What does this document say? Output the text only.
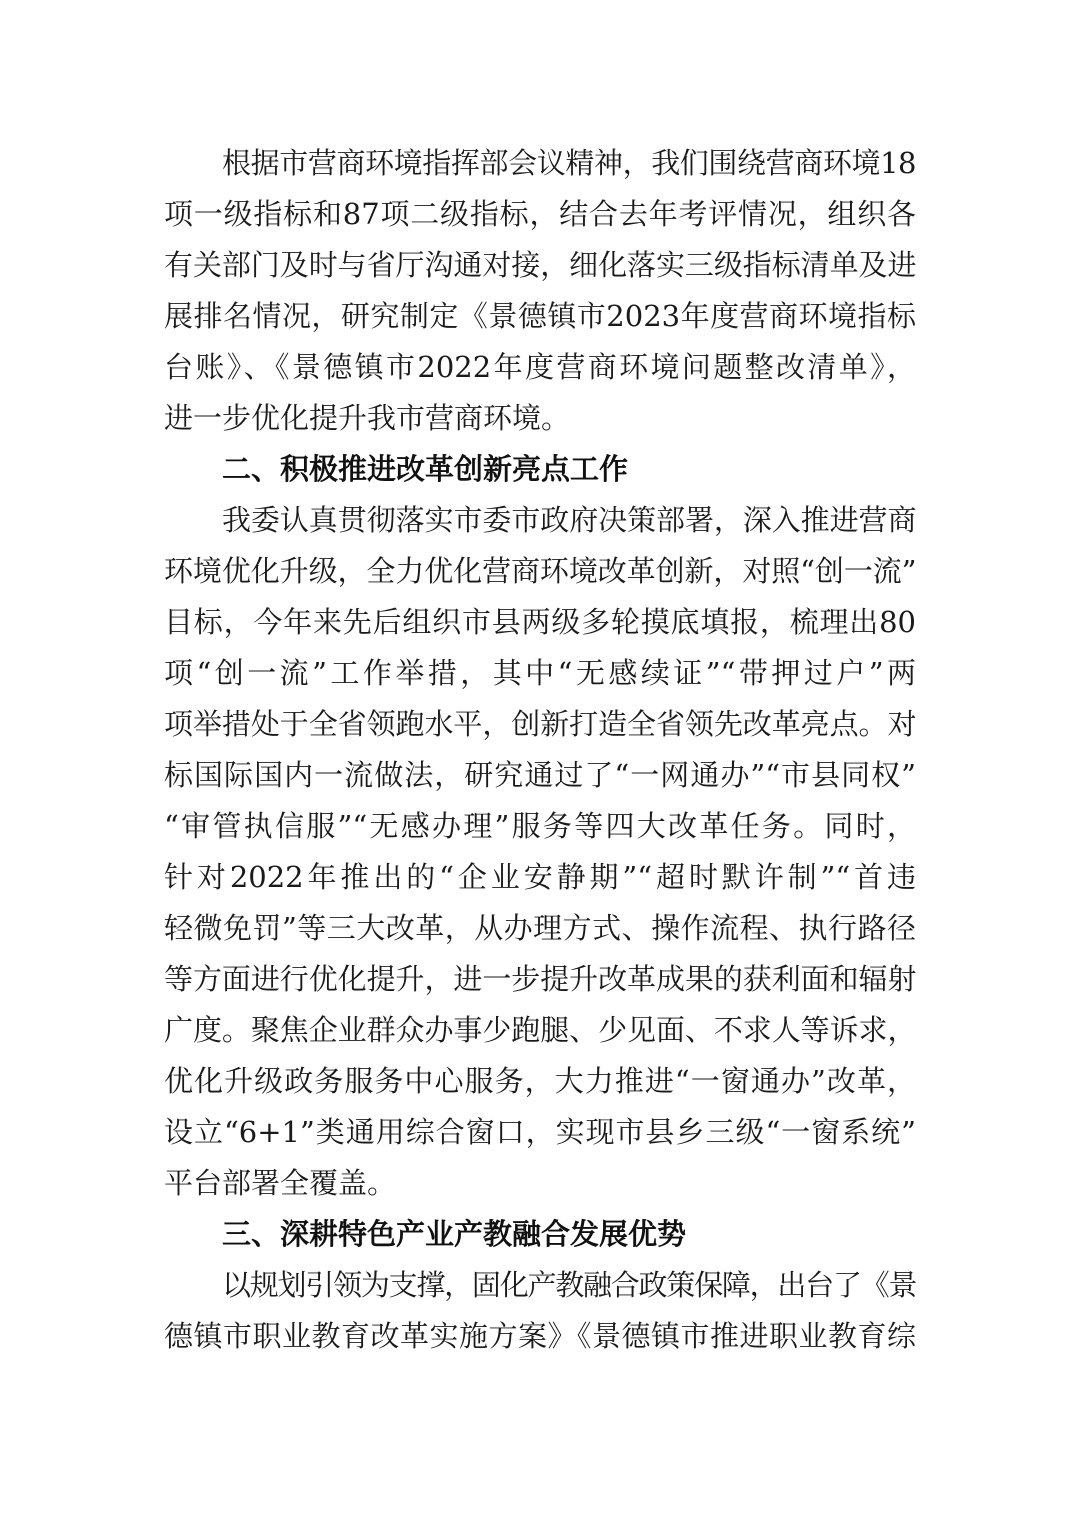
根据市营商环境指挥部会议精神，我们围绕营商环境18
项一级指标和87项二级指标，结合去年考评情况，组织各
有关部门及时与省厅沟通对接，细化落实三级指标清单及进
展排名情况，研究制定《景德镇市2023年度营商环境指标
台账》、《景德镇市2022年度营商环境问题整改清单》，
进一步优化提升我市营商环境。
二、积极推进改革创新亮点工作
我委认真贯彻落实市委市政府决策部署，深入推进营商
环境优化升级，全力优化营商环境改革创新，对照“创一流”
目标，今年来先后组织市县两级多轮摸底填报，梳理出80
项“创一流”工作举措，其中“无感续证”“带押过户”两
项举措处于全省领跑水平，创新打造全省领先改革亮点。对
标国际国内一流做法，研究通过了“一网通办”“市县同权”
“审管执信服”“无感办理”服务等四大改革任务。同时，
针对2022年推出的“企业安静期”“超时默许制”“首违
轻微免罚”等三大改革，从办理方式、操作流程、执行路径
等方面进行优化提升，进一步提升改革成果的获利面和辐射
广度。聚焦企业群众办事少跑腿、少见面、不求人等诉求，
优化升级政务服务中心服务，大力推进“一窗通办”改革，
设立“6+1”类通用综合窗口，实现市县乡三级“一窗系统”
平台部署全覆盖。
三、深耕特色产业产教融合发展优势
以规划引领为支撑，固化产教融合政策保障，出台了《景
德镇市职业教育改革实施方案》《景德镇市推进职业教育综
